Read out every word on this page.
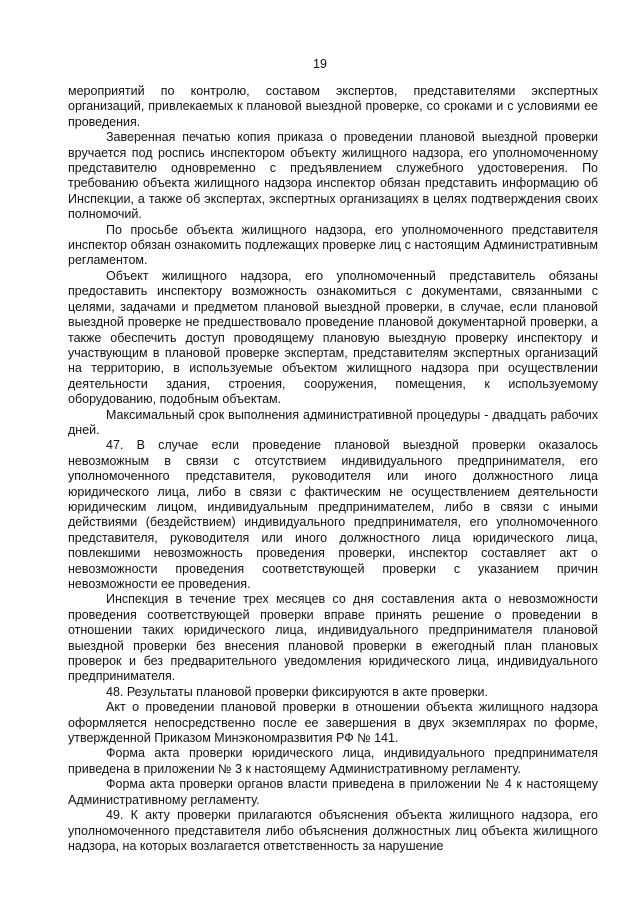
19

мероприятий по контролю, составом экспертов, представителями экспертных организаций, привлекаемых к плановой выездной проверке, со сроками и с условиями ее проведения.

Заверенная печатью копия приказа о проведении плановой выездной проверки вручается под роспись инспектором объекту жилищного надзора, его уполномоченному представителю одновременно с предъявлением служебного удостоверения. По требованию объекта жилищного надзора инспектор обязан представить информацию об Инспекции, а также об экспертах, экспертных организациях в целях подтверждения своих полномочий.

По просьбе объекта жилищного надзора, его уполномоченного представителя инспектор обязан ознакомить подлежащих проверке лиц с настоящим Административным регламентом.

Объект жилищного надзора, его уполномоченный представитель обязаны предоставить инспектору возможность ознакомиться с документами, связанными с целями, задачами и предметом плановой выездной проверки, в случае, если плановой выездной проверке не предшествовало проведение плановой документарной проверки, а также обеспечить доступ проводящему плановую выездную проверку инспектору и участвующим в плановой проверке экспертам, представителям экспертных организаций на территорию, в используемые объектом жилищного надзора при осуществлении деятельности здания, строения, сооружения, помещения, к используемому оборудованию, подобным объектам.

Максимальный срок выполнения административной процедуры - двадцать рабочих дней.

47. В случае если проведение плановой выездной проверки оказалось невозможным в связи с отсутствием индивидуального предпринимателя, его уполномоченного представителя, руководителя или иного должностного лица юридического лица, либо в связи с фактическим не осуществлением деятельности юридическим лицом, индивидуальным предпринимателем, либо в связи с иными действиями (бездействием) индивидуального предпринимателя, его уполномоченного представителя, руководителя или иного должностного лица юридического лица, повлекшими невозможность проведения проверки, инспектор составляет акт о невозможности проведения соответствующей проверки с указанием причин невозможности ее проведения.

Инспекция в течение трех месяцев со дня составления акта о невозможности проведения соответствующей проверки вправе принять решение о проведении в отношении таких юридического лица, индивидуального предпринимателя плановой выездной проверки без внесения плановой проверки в ежегодный план плановых проверок и без предварительного уведомления юридического лица, индивидуального предпринимателя.

48. Результаты плановой проверки фиксируются в акте проверки.

Акт о проведении плановой проверки в отношении объекта жилищного надзора оформляется непосредственно после ее завершения в двух экземплярах по форме, утвержденной Приказом Минэкономразвития РФ № 141.

Форма акта проверки юридического лица, индивидуального предпринимателя приведена в приложении № 3 к настоящему Административному регламенту.

Форма акта проверки органов власти приведена в приложении № 4 к настоящему Административному регламенту.

49. К акту проверки прилагаются объяснения объекта жилищного надзора, его уполномоченного представителя либо объяснения должностных лиц объекта жилищного надзора, на которых возлагается ответственность за нарушение
